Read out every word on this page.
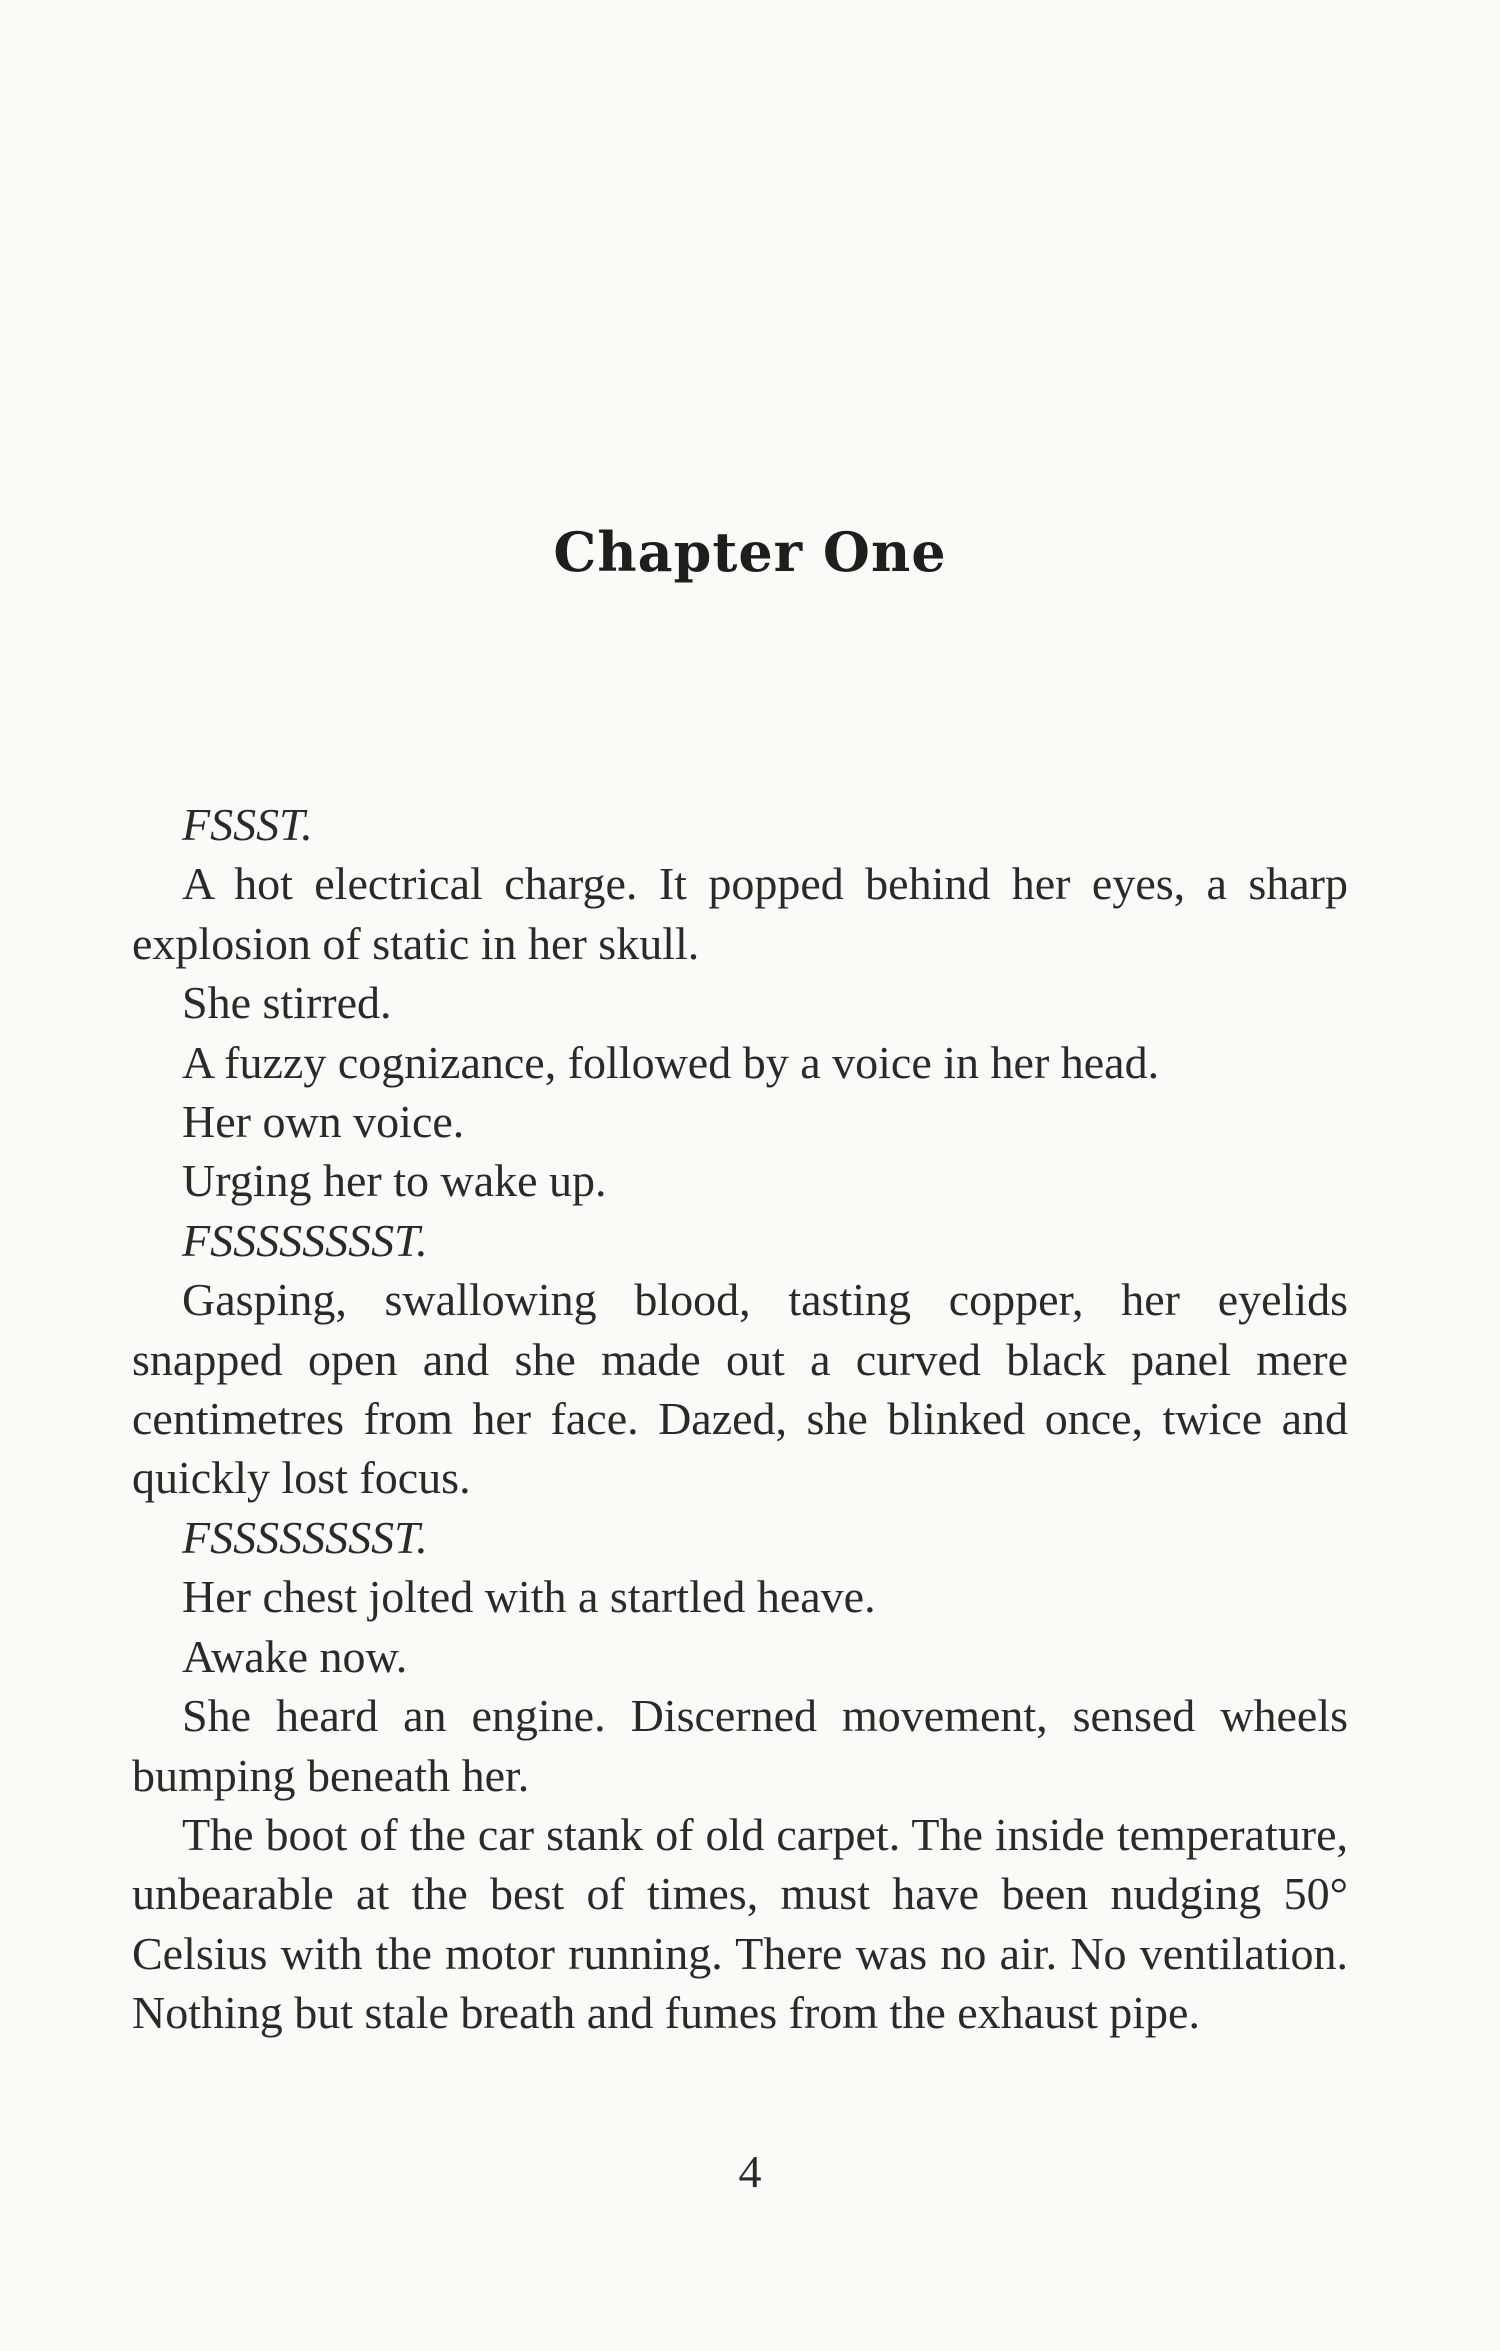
Chapter One

FSSST.

A hot electrical charge. It popped behind her eyes, a sharp explosion of static in her skull.

She stirred.

A fuzzy cognizance, followed by a voice in her head.

Her own voice.

Urging her to wake up.

FSSSSSSSST.

Gasping, swallowing blood, tasting copper, her eyelids snapped open and she made out a curved black panel mere centimetres from her face. Dazed, she blinked once, twice and quickly lost focus.

FSSSSSSSST.

Her chest jolted with a startled heave.

Awake now.

She heard an engine. Discerned movement, sensed wheels bumping beneath her.

The boot of the car stank of old carpet. The inside temperature, unbearable at the best of times, must have been nudging 50° Celsius with the motor running. There was no air. No ventilation. Nothing but stale breath and fumes from the exhaust pipe.

4
